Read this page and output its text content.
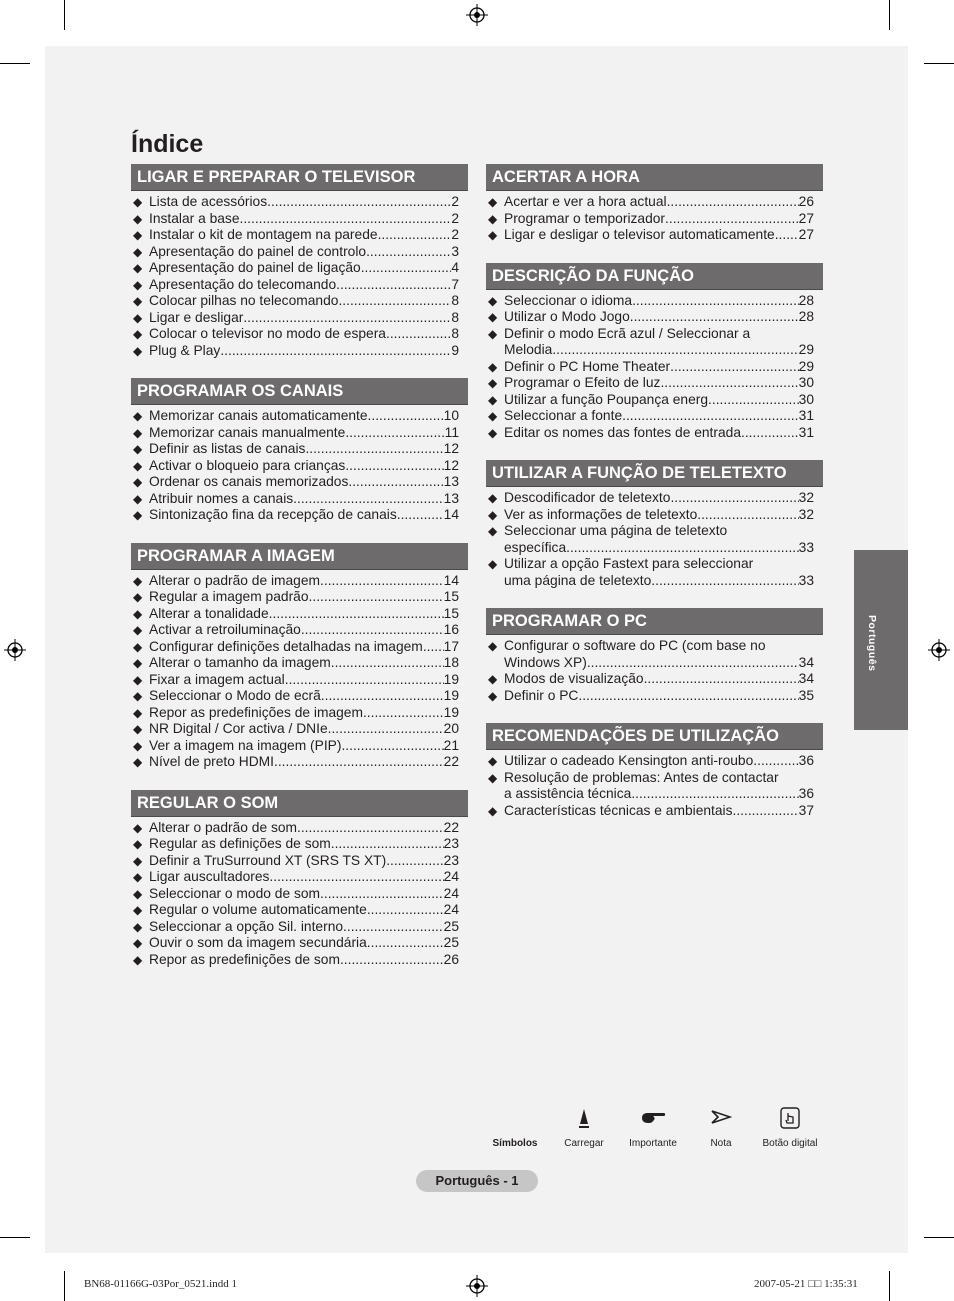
Índice
LIGAR E PREPARAR O TELEVISOR
◆ Lista de acessórios .....	2
◆ Instalar a base .....	2
◆ Instalar o kit de montagem na parede .....	2
◆ Apresentação do painel de controlo .....	3
◆ Apresentação do painel de ligação .....	4
◆ Apresentação do telecomando .....	7
◆ Colocar pilhas no telecomando .....	8
◆ Ligar e desligar .....	8
◆ Colocar o televisor no modo de espera .....	8
◆ Plug & Play .....	9
PROGRAMAR OS CANAIS
◆ Memorizar canais automaticamente .....	10
◆ Memorizar canais manualmente .....	11
◆ Definir as listas de canais .....	12
◆ Activar o bloqueio para crianças .....	12
◆ Ordenar os canais memorizados .....	13
◆ Atribuir nomes a canais .....	13
◆ Sintonização fina da recepção de canais .....	14
PROGRAMAR A IMAGEM
◆ Alterar o padrão de imagem .....	14
◆ Regular a imagem padrão .....	15
◆ Alterar a tonalidade .....	15
◆ Activar a retroiluminação .....	16
◆ Configurar definições detalhadas na imagem ..... 17
◆ Alterar o tamanho da imagem .....	18
◆ Fixar a imagem actual .....	19
◆ Seleccionar o Modo de ecrã .....	19
◆ Repor as predefinições de imagem .....	19
◆ NR Digital / Cor activa / DNIe .....	20
◆ Ver a imagem na imagem (PIP) .....	21
◆ Nível de preto HDMI .....	22
REGULAR O SOM
◆ Alterar o padrão de som .....	22
◆ Regular as definições de som .....	23
◆ Definir a TruSurround XT (SRS TS XT) .....	23
◆ Ligar auscultadores .....	24
◆ Seleccionar o modo de som .....	24
◆ Regular o volume automaticamente .....	24
◆ Seleccionar a opção Sil. interno .....	25
◆ Ouvir o som da imagem secundária .....	25
◆ Repor as predefinições de som .....	26
ACERTAR A HORA
◆ Acertar e ver a hora actual .....	26
◆ Programar o temporizador .....	27
◆ Ligar e desligar o televisor automaticamente ..... 27
DESCRIÇÃO DA FUNÇÃO
◆ Seleccionar o idioma .....	28
◆ Utilizar o Modo Jogo .....	28
◆ Definir o modo Ecrã azul / Seleccionar a
Melodia .....	29
◆ Definir o PC Home Theater .....	29
◆ Programar o Efeito de luz .....	30
◆ Utilizar a função Poupança energ. .....	30
◆ Seleccionar a fonte .....	31
◆ Editar os nomes das fontes de entrada .....	31
UTILIZAR A FUNÇÃO DE TELETEXTO
◆ Descodificador de teletexto .....	32
◆ Ver as informações de teletexto .....	32
◆ Seleccionar uma página de teletexto
específica .....	33
◆ Utilizar a opção Fastext para seleccionar
uma página de teletexto .....	33
PROGRAMAR O PC
◆ Configurar o software do PC (com base no
Windows XP) .....	34
◆ Modos de visualização .....	34
◆ Definir o PC .....	35
RECOMENDAÇÕES DE UTILIZAÇÃO
◆ Utilizar o cadeado Kensington anti-roubo .....	36
◆ Resolução de problemas: Antes de contactar
a assistência técnica .....	36
◆ Características técnicas e ambientais .....	37
Português
Símbolos	Carregar	Importante	Nota	Botão digital
Português - 1
BN68-01166G-03Por_0521.indd 1	2007-05-21 □□ 1:35:31
